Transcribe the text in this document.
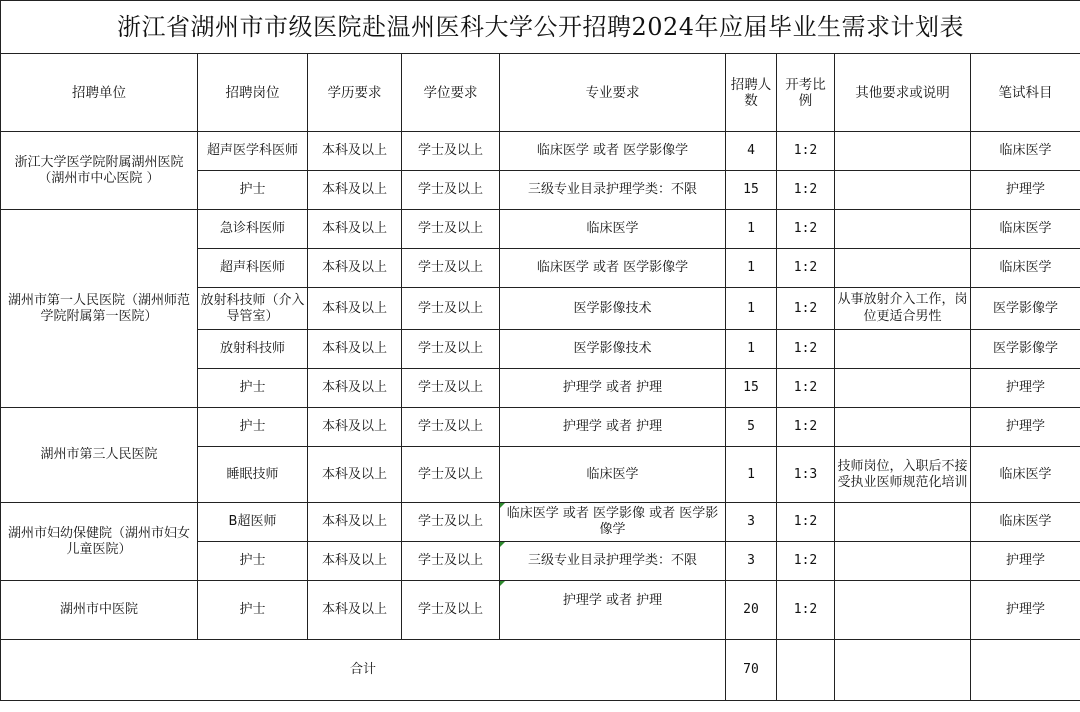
浙江省湖州市市级医院赴温州医科大学公开招聘2024年应届毕业生需求计划表								
招聘单位	招聘岗位	学历要求	学位要求	专业要求	招聘人数	开考比例	其他要求或说明	笔试科目
浙江大学医学院附属湖州医院（湖州市中心医院 ）	超声医学科医师	本科及以上	学士及以上	临床医学 或者 医学影像学	4	1:2		临床医学
	护士	本科及以上	学士及以上	三级专业目录护理学类：不限	15	1:2		护理学
湖州市第一人民医院（湖州师范学院附属第一医院）	急诊科医师	本科及以上	学士及以上	临床医学	1	1:2		临床医学
	超声科医师	本科及以上	学士及以上	临床医学 或者 医学影像学	1	1:2		临床医学
	放射科技师（介入导管室）	本科及以上	学士及以上	医学影像技术	1	1:2	从事放射介入工作，岗位更适合男性	医学影像学
	放射科技师	本科及以上	学士及以上	医学影像技术	1	1:2		医学影像学
	护士	本科及以上	学士及以上	护理学 或者 护理	15	1:2		护理学
湖州市第三人民医院	护士	本科及以上	学士及以上	护理学 或者 护理	5	1:2		护理学
	睡眠技师	本科及以上	学士及以上	临床医学	1	1:3	技师岗位，入职后不接受执业医师规范化培训	临床医学
湖州市妇幼保健院（湖州市妇女儿童医院）	B超医师	本科及以上	学士及以上	临床医学 或者 医学影像 或者 医学影像学	3	1:2		临床医学
	护士	本科及以上	学士及以上	三级专业目录护理学类：不限	3	1:2		护理学
湖州市中医院	护士	本科及以上	学士及以上	护理学 或者 护理	20	1:2		护理学
合计					70			
